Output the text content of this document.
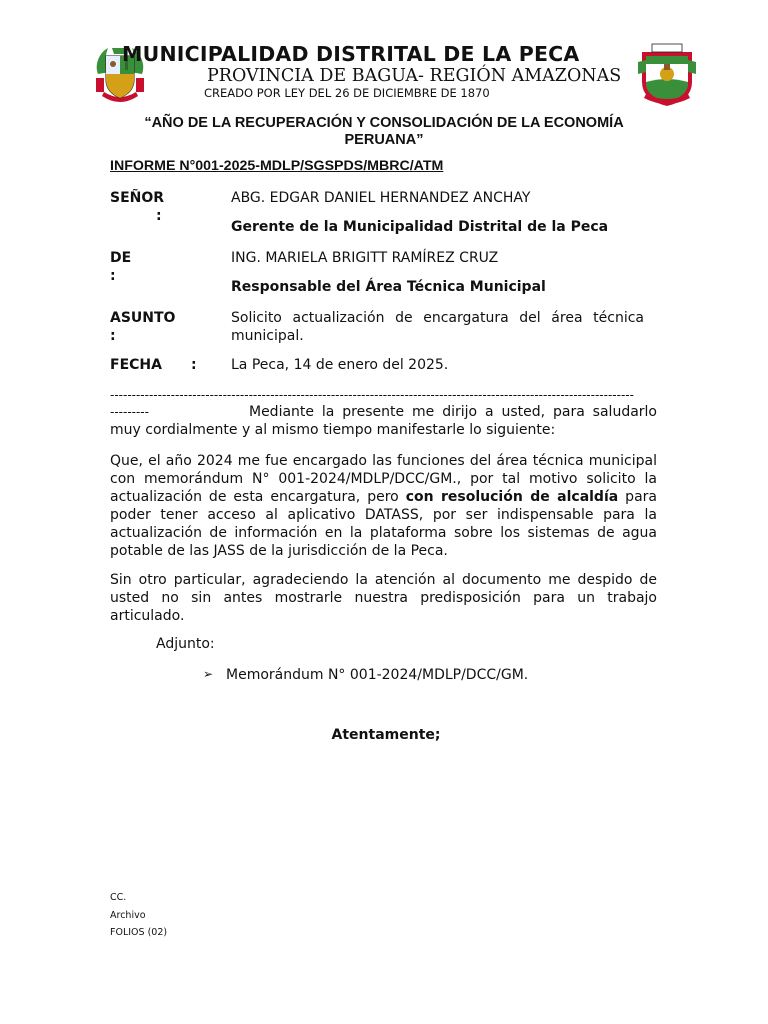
MUNICIPALIDAD DISTRITAL DE LA PECA
PROVINCIA DE BAGUA- REGIÓN AMAZONAS
CREADO POR LEY DEL 26 DE DICIEMBRE DE 1870
“AÑO DE LA RECUPERACIÓN Y CONSOLIDACIÓN DE LA ECONOMÍA PERUANA”
INFORME N°001-2025-MDLP/SGSPDS/MBRC/ATM
SEÑOR
:
ABG. EDGAR DANIEL HERNANDEZ ANCHAY
Gerente de la Municipalidad Distrital de la Peca
DE
:
ING. MARIELA BRIGITT RAMÍREZ CRUZ
Responsable del Área Técnica Municipal
ASUNTO
:
Solicito actualización de encargatura del área técnica municipal.
FECHA : La Peca, 14 de enero del 2025.
-------------------------------------------------------------------------------------------------------------------------
---------	Mediante la presente me dirijo a usted, para saludarlo muy cordialmente y al mismo tiempo manifestarle lo siguiente:
Que, el año 2024 me fue encargado las funciones del área técnica municipal con memorándum N° 001-2024/MDLP/DCC/GM., por tal motivo solicito la actualización de esta encargatura, pero con resolución de alcaldía para poder tener acceso al aplicativo DATASS, por ser indispensable para la actualización de información en la plataforma sobre los sistemas de agua potable de las JASS de la jurisdicción de la Peca.
Sin otro particular, agradeciendo la atención al documento me despido de usted no sin antes mostrarle nuestra predisposición para un trabajo articulado.
Adjunto:
➢ Memorándum N° 001-2024/MDLP/DCC/GM.
Atentamente;
CC.
Archivo
FOLIOS (02)
